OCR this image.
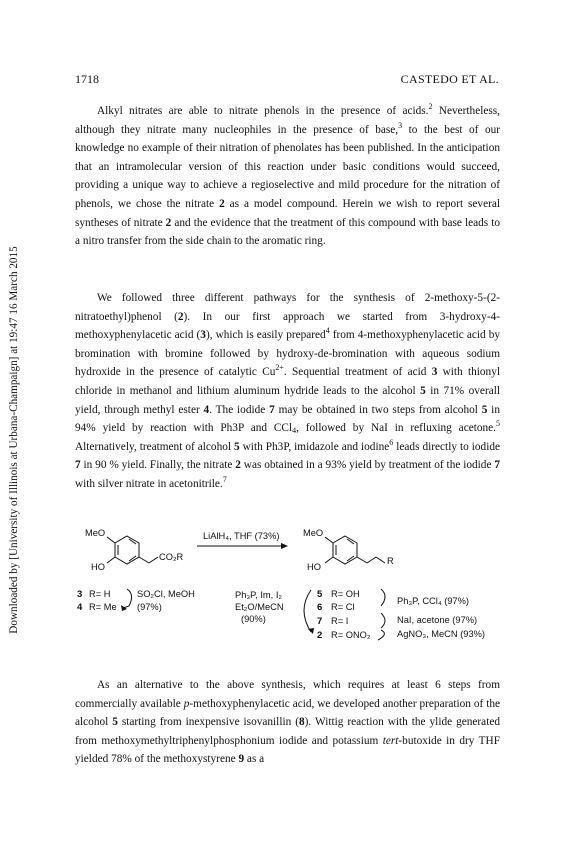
Downloaded by [University of Illinois at Urbana-Champaign] at 19:47 16 March 2015
1718	CASTEDO ET AL.

Alkyl nitrates are able to nitrate phenols in the presence of acids.$^2$ Nevertheless, although they nitrate many nucleophiles in the presence of base,$^3$ to the best of our knowledge no example of their nitration of phenolates has been published. In the anticipation that an intramolecular version of this reaction under basic conditions would succeed, providing a unique way to achieve a regioselective and mild procedure for the nitration of phenols, we chose the nitrate 2 as a model compound. Herein we wish to report several syntheses of nitrate 2 and the evidence that the treatment of this compound with base leads to a nitro transfer from the side chain to the aromatic ring.

We followed three different pathways for the synthesis of 2-methoxy-5-(2-nitratoethyl)phenol (2). In our first approach we started from 3-hydroxy-4-methoxyphenylacetic acid (3), which is easily prepared$^4$ from 4-methoxyphenylacetic acid by bromination with bromine followed by hydroxy-de-bromination with aqueous sodium hydroxide in the presence of catalytic $Cu^{2+}$. Sequential treatment of acid 3 with thionyl chloride in methanol and lithium aluminum hydride leads to the alcohol 5 in 71% overall yield, through methyl ester 4. The iodide 7 may be obtained in two steps from alcohol 5 in 94% yield by reaction with Ph3P and CCl$_4$, followed by NaI in refluxing acetone.$^5$ Alternatively, treatment of alcohol 5 with Ph3P, imidazole and iodine$^6$ leads directly to iodide 7 in 90 % yield. Finally, the nitrate 2 was obtained in a 93% yield by treatment of the iodide 7 with silver nitrate in acetonitrile.$^7$

MeO
HO
CO₂R
LiAlH₄, THF (73%)	MeO
HO
R
3 R= H
4 R= Me
SO₂Cl, MeOH
(97%)
Ph₃P, Im, I₂
Et₂O/MeCN
(90%)
5 R= OH
6 R= Cl
7 R= I
2 R= ONO₂
Ph₃P, CCl₄ (97%)
NaI, acetone (97%)
AgNO₃, MeCN (93%)

As an alternative to the above synthesis, which requires at least 6 steps from commercially available p-methoxyphenylacetic acid, we developed another preparation of the alcohol 5 starting from inexpensive isovanillin (8). Wittig reaction with the ylide generated from methoxymethyltriphenylphosphonium iodide and potassium tert-butoxide in dry THF yielded 78% of the methoxystyrene 9 as a
